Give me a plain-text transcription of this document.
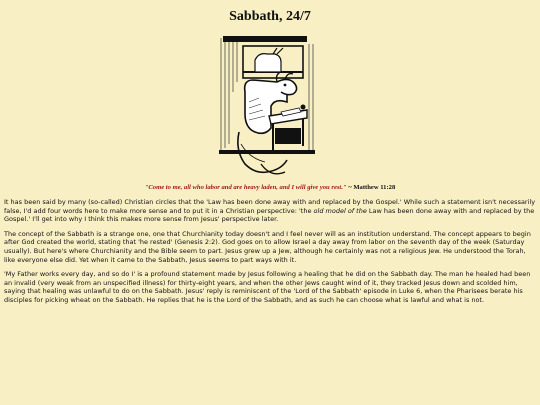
Sabbath, 24/7
"Come to me, all who labor and are heavy laden, and I will give you rest." ~ Matthew 11:28

It has been said by many (so-called) Christian circles that the 'Law has been done away with and replaced by the Gospel.' While such a statement isn't necessarily false, I'd add four words here to make more sense and to put it in a Christian perspective: 'the old model of the Law has been done away with and replaced by the Gospel.' I'll get into why I think this makes more sense from Jesus' perspective later.

The concept of the Sabbath is a strange one, one that Churchianity today doesn't and I feel never will as an institution understand. The concept appears to begin after God created the world, stating that 'he rested' (Genesis 2:2). God goes on to allow Israel a day away from labor on the seventh day of the week (Saturday usually). But here's where Churchianity and the Bible seem to part. Jesus grew up a Jew, although he certainly was not a religious Jew. He understood the Torah, like everyone else did. Yet when it came to the Sabbath, Jesus seems to part ways with it.

'My Father works every day, and so do I' is a profound statement made by Jesus following a healing that he did on the Sabbath day. The man he healed had been an invalid (very weak from an unspecified illness) for thirty-eight years, and when the other Jews caught wind of it, they tracked Jesus down and scolded him, saying that healing was unlawful to do on the Sabbath. Jesus' reply is reminiscent of the 'Lord of the Sabbath' episode in Luke 6, when the Pharisees berate his disciples for picking wheat on the Sabbath. He replies that he is the Lord of the Sabbath, and as such he can choose what is lawful and what is not.
